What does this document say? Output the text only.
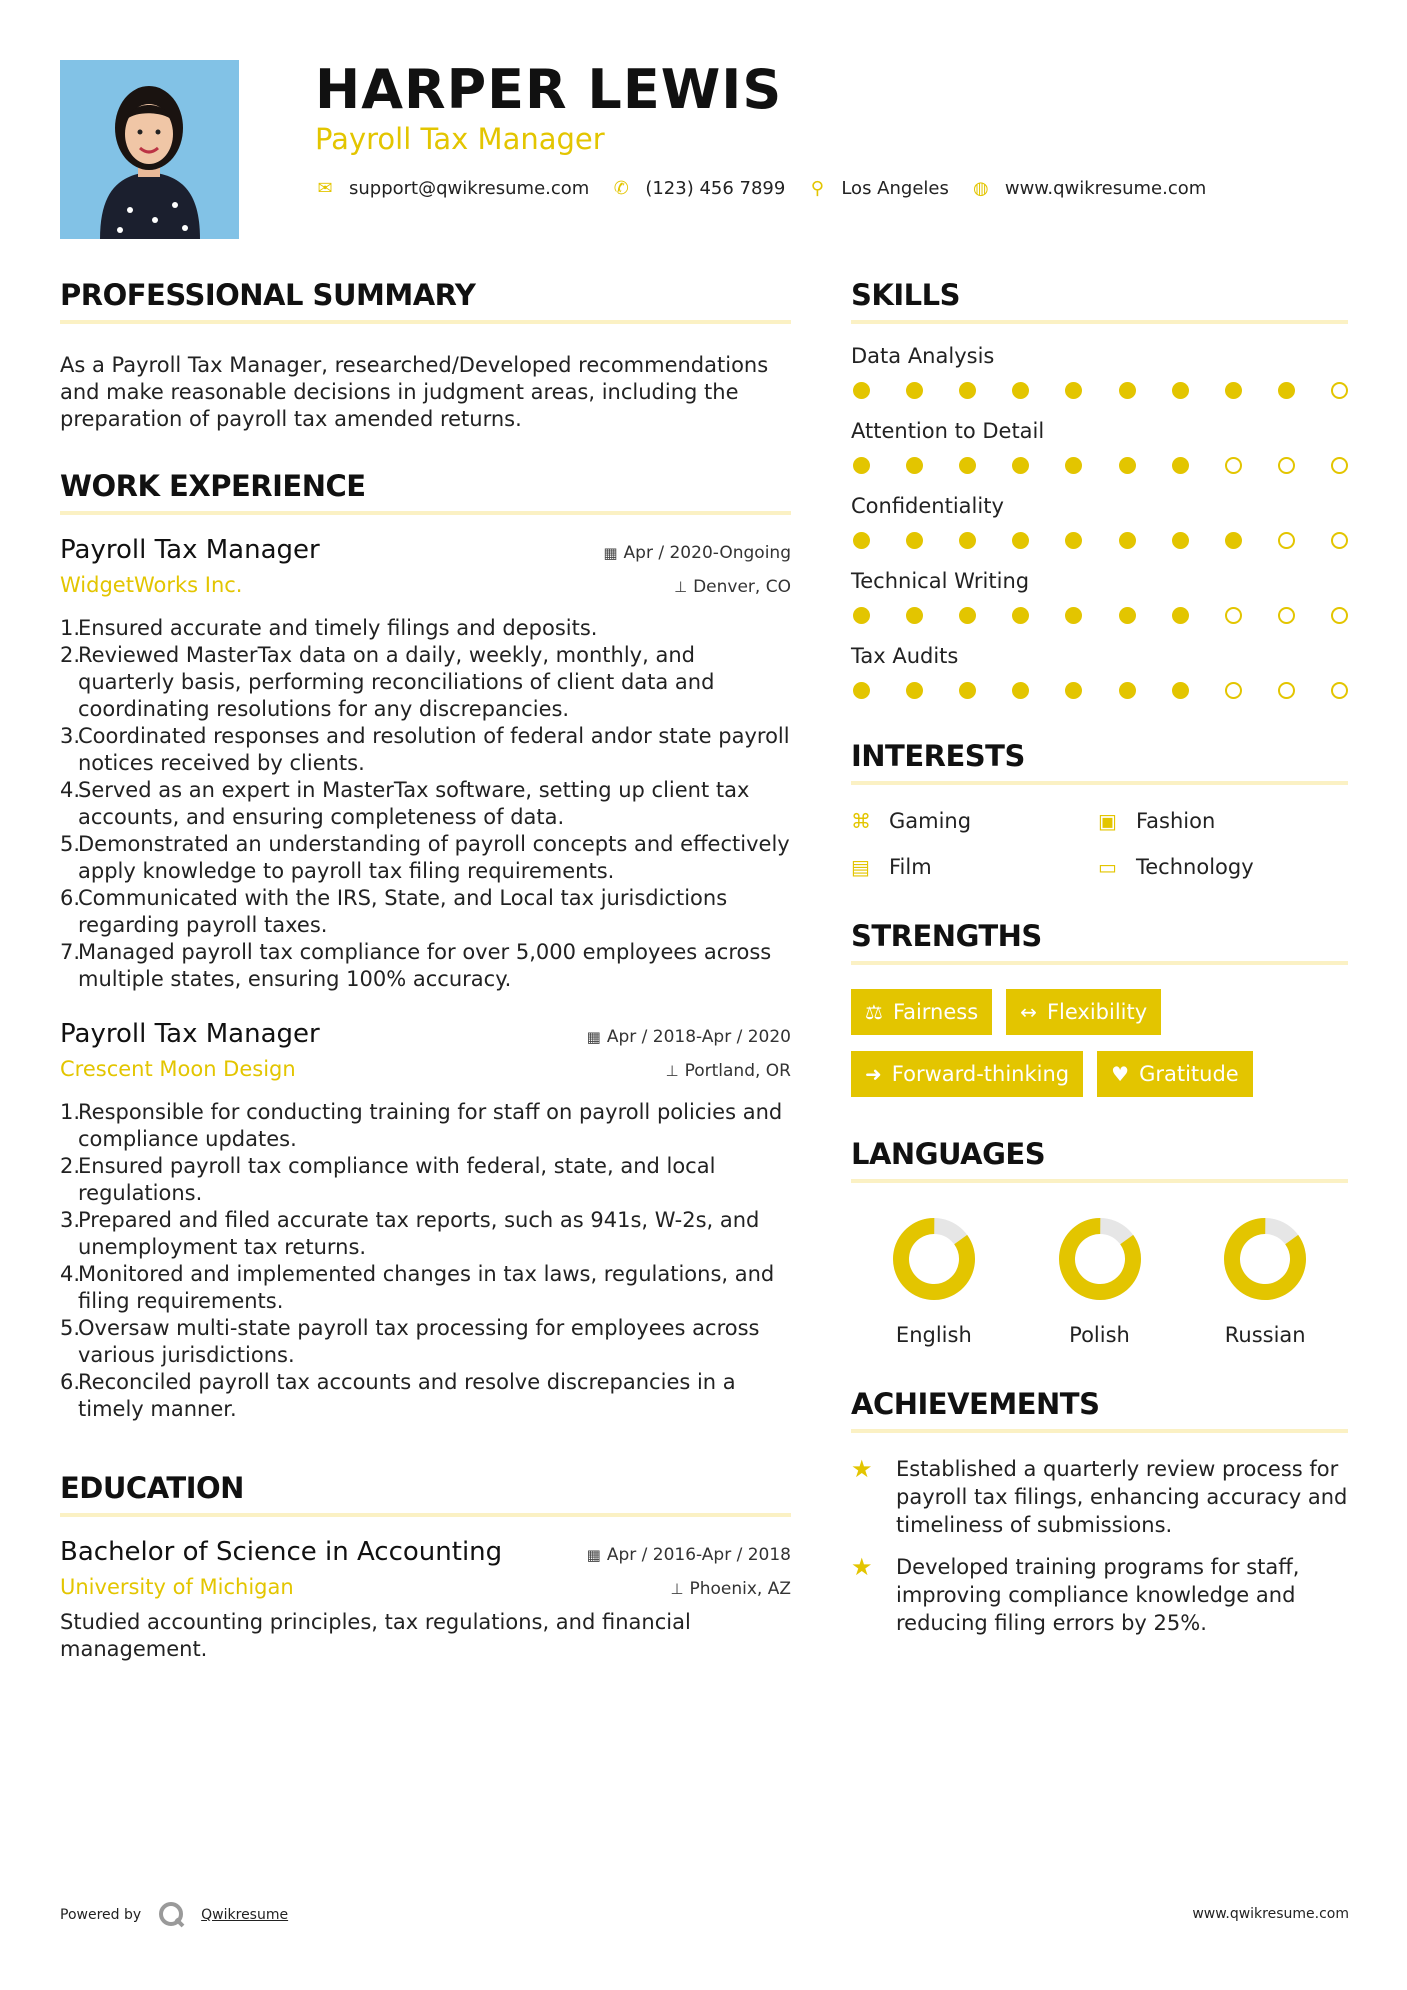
HARPER LEWIS
Payroll Tax Manager
✉ support@qwikresume.com ✆ (123) 456 7899 ⚲ Los Angeles ◍ www.qwikresume.com
PROFESSIONAL SUMMARY
As a Payroll Tax Manager, researched/Developed recommendations and make reasonable decisions in judgment areas, including the preparation of payroll tax amended returns.
WORK EXPERIENCE
Payroll Tax Manager
WidgetWorks Inc.
▦ Apr / 2020-Ongoing
⊥ Denver, CO
1.
Ensured accurate and timely filings and deposits.
2.
Reviewed MasterTax data on a daily, weekly, monthly, and quarterly basis, performing reconciliations of client data and coordinating resolutions for any discrepancies.
3.
Coordinated responses and resolution of federal andor state payroll notices received by clients.
4.
Served as an expert in MasterTax software, setting up client tax accounts, and ensuring completeness of data.
5.
Demonstrated an understanding of payroll concepts and effectively apply knowledge to payroll tax filing requirements.
6.
Communicated with the IRS, State, and Local tax jurisdictions regarding payroll taxes.
7.
Managed payroll tax compliance for over 5,000 employees across multiple states, ensuring 100% accuracy.
Payroll Tax Manager
Crescent Moon Design
▦ Apr / 2018-Apr / 2020
⊥ Portland, OR
1.
Responsible for conducting training for staff on payroll policies and compliance updates.
2.
Ensured payroll tax compliance with federal, state, and local regulations.
3.
Prepared and filed accurate tax reports, such as 941s, W-2s, and unemployment tax returns.
4.
Monitored and implemented changes in tax laws, regulations, and filing requirements.
5.
Oversaw multi-state payroll tax processing for employees across various jurisdictions.
6.
Reconciled payroll tax accounts and resolve discrepancies in a timely manner.
EDUCATION
Bachelor of Science in Accounting
University of Michigan
▦ Apr / 2016-Apr / 2018
⊥ Phoenix, AZ
Studied accounting principles, tax regulations, and financial management.
SKILLS
Data Analysis
Attention to Detail
Confidentiality
Technical Writing
Tax Audits
INTERESTS
⌘ Gaming	▣ Fashion
▤ Film	▭ Technology
STRENGTHS
⚖ Fairness ↔ Flexibility
➜ Forward-thinking ♥ Gratitude
LANGUAGES
English	Polish	Russian
ACHIEVEMENTS
★	Established a quarterly review process for payroll tax filings, enhancing accuracy and timeliness of submissions.
★	Developed training programs for staff, improving compliance knowledge and reducing filing errors by 25%.
Powered by	Qwikresume	www.qwikresume.com
